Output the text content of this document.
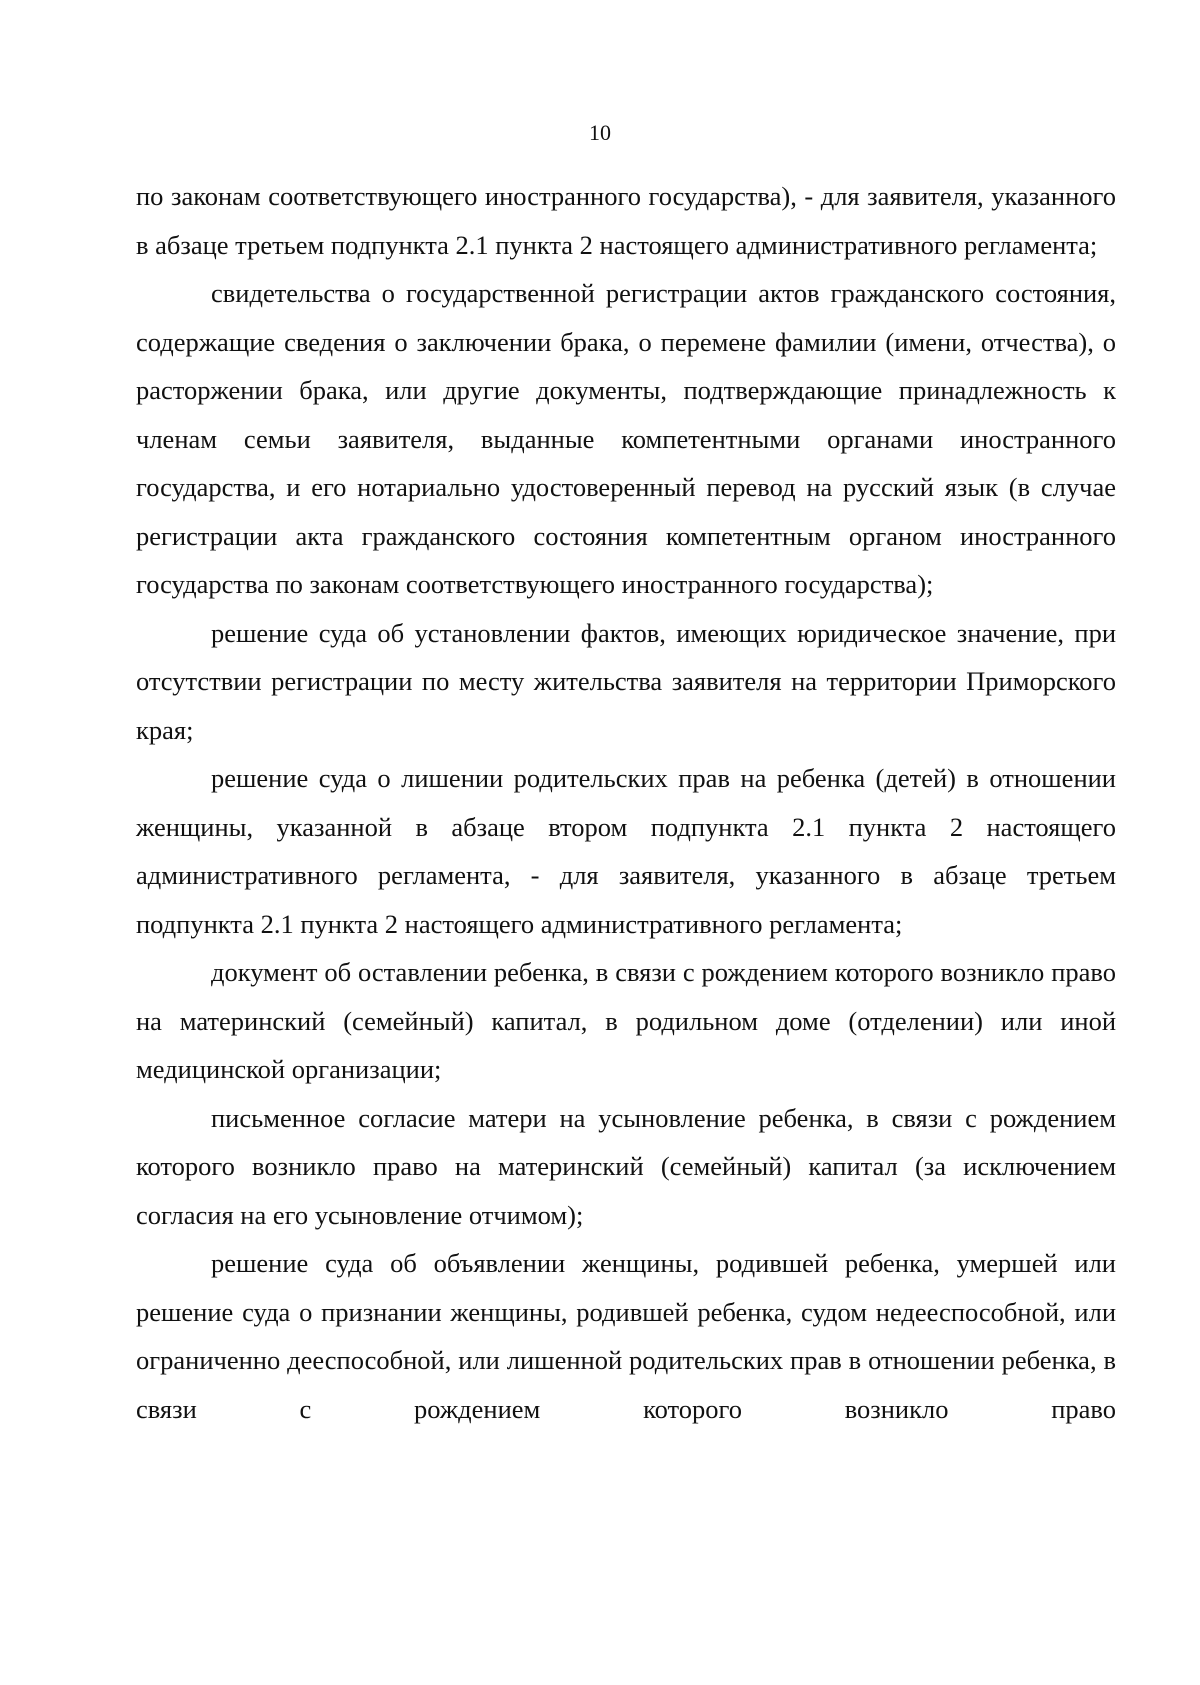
10

по законам соответствующего иностранного государства), - для заявителя, указанного в абзаце третьем подпункта 2.1 пункта 2 настоящего административного регламента;

свидетельства о государственной регистрации актов гражданского состояния, содержащие сведения о заключении брака, о перемене фамилии (имени, отчества), о расторжении брака, или другие документы, подтверждающие принадлежность к членам семьи заявителя, выданные компетентными органами иностранного государства, и его нотариально удостоверенный перевод на русский язык (в случае регистрации акта гражданского состояния компетентным органом иностранного государства по законам соответствующего иностранного государства);

решение суда об установлении фактов, имеющих юридическое значение, при отсутствии регистрации по месту жительства заявителя на территории Приморского края;

решение суда о лишении родительских прав на ребенка (детей) в отношении женщины, указанной в абзаце втором подпункта 2.1 пункта 2 настоящего административного регламента, - для заявителя, указанного в абзаце третьем подпункта 2.1 пункта 2 настоящего административного регламента;

документ об оставлении ребенка, в связи с рождением которого возникло право на материнский (семейный) капитал, в родильном доме (отделении) или иной медицинской организации;

письменное согласие матери на усыновление ребенка, в связи с рождением которого возникло право на материнский (семейный) капитал (за исключением согласия на его усыновление отчимом);

решение суда об объявлении женщины, родившей ребенка, умершей или решение суда о признании женщины, родившей ребенка, судом недееспособной, или ограниченно дееспособной, или лишенной родительских прав в отношении ребенка, в связи с рождением которого возникло право
